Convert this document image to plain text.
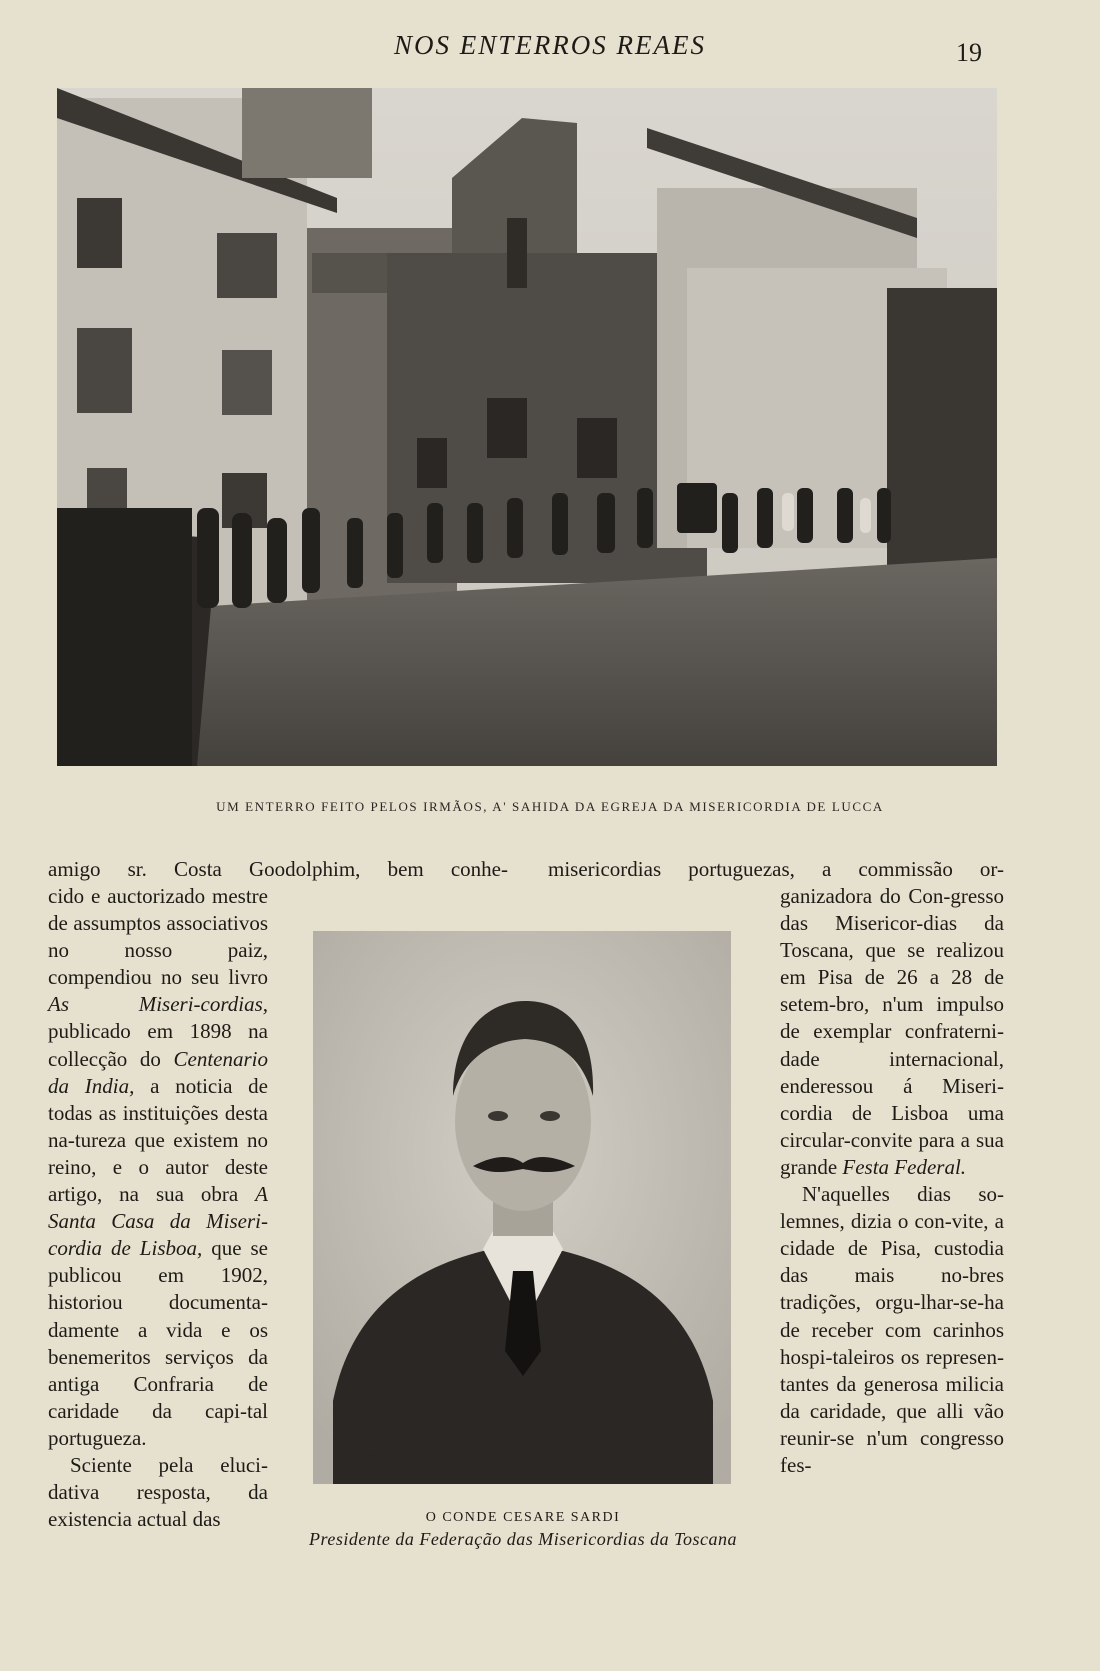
NOS ENTERROS REAES	19
UM ENTERRO FEITO PELOS IRMÃOS, A' SAHIDA DA EGREJA DA MISERICORDIA DE LUCCA
amigo sr. Costa Goodolphim, bem conhe- misericordias portuguezas, a commissão or-

cido e auctorizado mestre de assumptos associativos no nosso paiz, compendiou no seu livro As Miseri-cordias, publicado em 1898 na collecção do Centenario da India, a noticia de todas as instituições desta na-tureza que existem no reino, e o autor deste artigo, na sua obra A Santa Casa da Miseri-cordia de Lisboa, que se publicou em 1902, historiou documenta-damente a vida e os benemeritos serviços da antiga Confraria de caridade da capi-tal portugueza.

Sciente pela eluci-dativa resposta, da existencia actual das

P.M.J.
O CONDE CESARE SARDI
Presidente da Federação das Misericordias da Toscana

ganizadora do Con-gresso das Misericor-dias da Toscana, que se realizou em Pisa de 26 a 28 de setem-bro, n'um impulso de exemplar confraterni-dade internacional, enderessou á Miseri-cordia de Lisboa uma circular-convite para a sua grande Festa Federal.

N'aquelles dias so-lemnes, dizia o con-vite, a cidade de Pisa, custodia das mais no-bres tradições, orgu-lhar-se-ha de receber com carinhos hospi-taleiros os represen-tantes da generosa milicia da caridade, que alli vão reunir-se n'um congresso fes-
